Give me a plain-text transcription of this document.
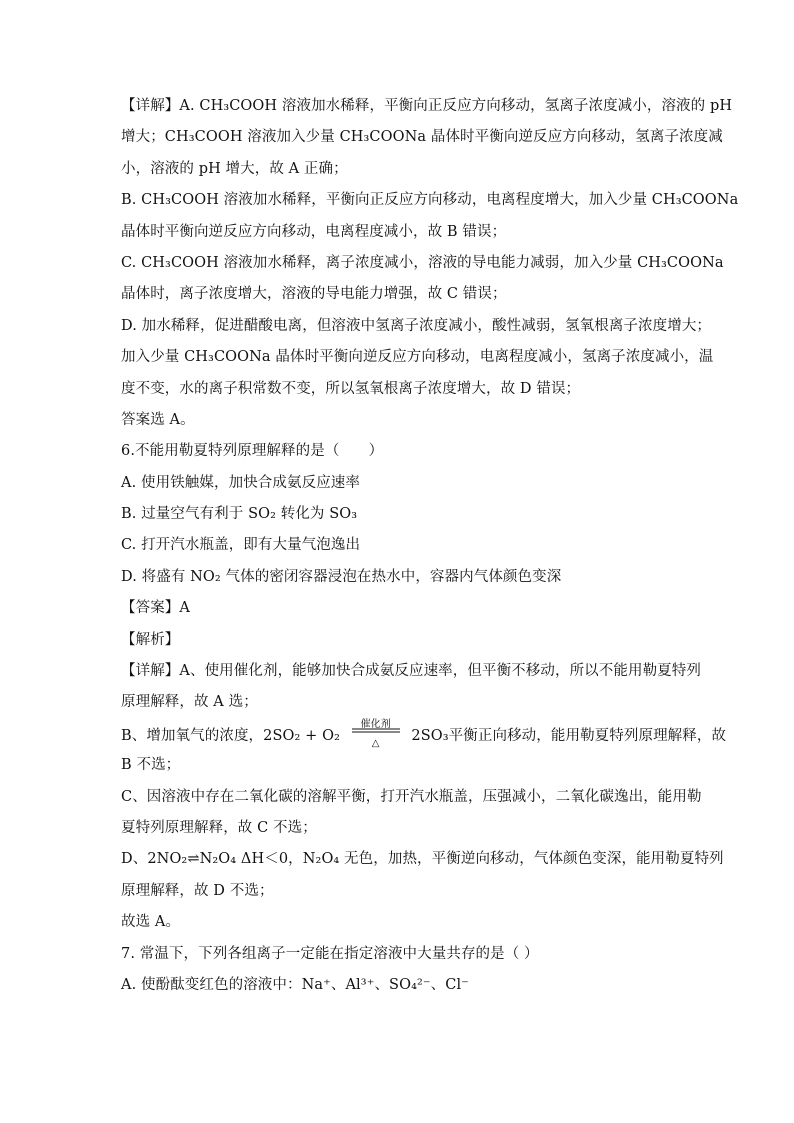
【详解】A. CH₃COOH 溶液加水稀释，平衡向正反应方向移动，氢离子浓度减小，溶液的 pH
增大；CH₃COOH 溶液加入少量 CH₃COONa 晶体时平衡向逆反应方向移动，氢离子浓度减
小，溶液的 pH 增大，故 A 正确；
B. CH₃COOH 溶液加水稀释，平衡向正反应方向移动，电离程度增大，加入少量 CH₃COONa
晶体时平衡向逆反应方向移动，电离程度减小，故 B 错误；
C. CH₃COOH 溶液加水稀释，离子浓度减小，溶液的导电能力减弱，加入少量 CH₃COONa
晶体时，离子浓度增大，溶液的导电能力增强，故 C 错误；
D. 加水稀释，促进醋酸电离，但溶液中氢离子浓度减小，酸性减弱，氢氧根离子浓度增大；
加入少量 CH₃COONa 晶体时平衡向逆反应方向移动，电离程度减小，氢离子浓度减小，温
度不变，水的离子积常数不变，所以氢氧根离子浓度增大，故 D 错误；
答案选 A。
6.不能用勒夏特列原理解释的是（　　）
A. 使用铁触媒，加快合成氨反应速率
B. 过量空气有利于 SO₂ 转化为 SO₃
C. 打开汽水瓶盖，即有大量气泡逸出
D. 将盛有 NO₂ 气体的密闭容器浸泡在热水中，容器内气体颜色变深
【答案】A
【解析】
【详解】A、使用催化剂，能够加快合成氨反应速率，但平衡不移动，所以不能用勒夏特列
原理解释，故 A 选；
B、增加氧气的浓度，2SO₂ + O₂
催化剂
△	2SO₃平衡正向移动，能用勒夏特列原理解释，故
B 不选；
C、因溶液中存在二氧化碳的溶解平衡，打开汽水瓶盖，压强减小，二氧化碳逸出，能用勒
夏特列原理解释，故 C 不选；
D、2NO₂⇌N₂O₄ ΔH＜0，N₂O₄ 无色，加热，平衡逆向移动，气体颜色变深，能用勒夏特列
原理解释，故 D 不选；
故选 A。
7. 常温下，下列各组离子一定能在指定溶液中大量共存的是（ ）
A. 使酚酞变红色的溶液中：Na⁺、Al³⁺、SO₄²⁻、Cl⁻
